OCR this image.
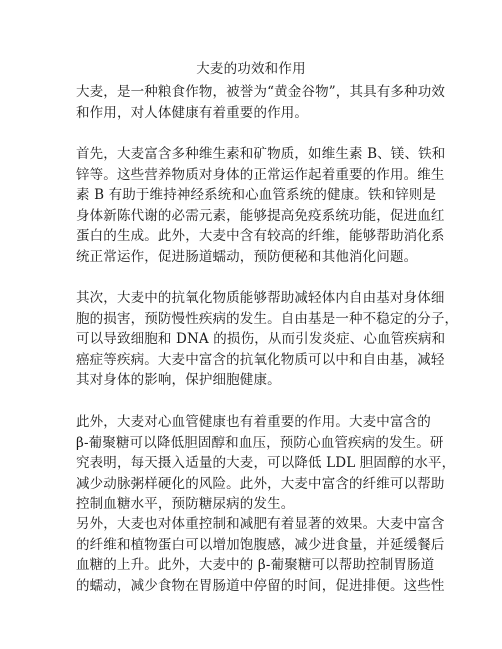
大麦的功效和作用
大麦，是一种粮食作物，被誉为“黄金谷物”，其具有多种功效
和作用，对人体健康有着重要的作用。
首先，大麦富含多种维生素和矿物质，如维生素 B、镁、铁和
锌等。这些营养物质对身体的正常运作起着重要的作用。维生
素 B 有助于维持神经系统和心血管系统的健康。铁和锌则是
身体新陈代谢的必需元素，能够提高免疫系统功能，促进血红
蛋白的生成。此外，大麦中含有较高的纤维，能够帮助消化系
统正常运作，促进肠道蠕动，预防便秘和其他消化问题。
其次，大麦中的抗氧化物质能够帮助减轻体内自由基对身体细
胞的损害，预防慢性疾病的发生。自由基是一种不稳定的分子，
可以导致细胞和 DNA 的损伤，从而引发炎症、心血管疾病和
癌症等疾病。大麦中富含的抗氧化物质可以中和自由基，减轻
其对身体的影响，保护细胞健康。
此外，大麦对心血管健康也有着重要的作用。大麦中富含的
β-葡聚糖可以降低胆固醇和血压，预防心血管疾病的发生。研
究表明，每天摄入适量的大麦，可以降低 LDL 胆固醇的水平，
减少动脉粥样硬化的风险。此外，大麦中富含的纤维可以帮助
控制血糖水平，预防糖尿病的发生。
另外，大麦也对体重控制和减肥有着显著的效果。大麦中富含
的纤维和植物蛋白可以增加饱腹感，减少进食量，并延缓餐后
血糖的上升。此外，大麦中的 β-葡聚糖可以帮助控制胃肠道
的蠕动，减少食物在胃肠道中停留的时间，促进排便。这些性
